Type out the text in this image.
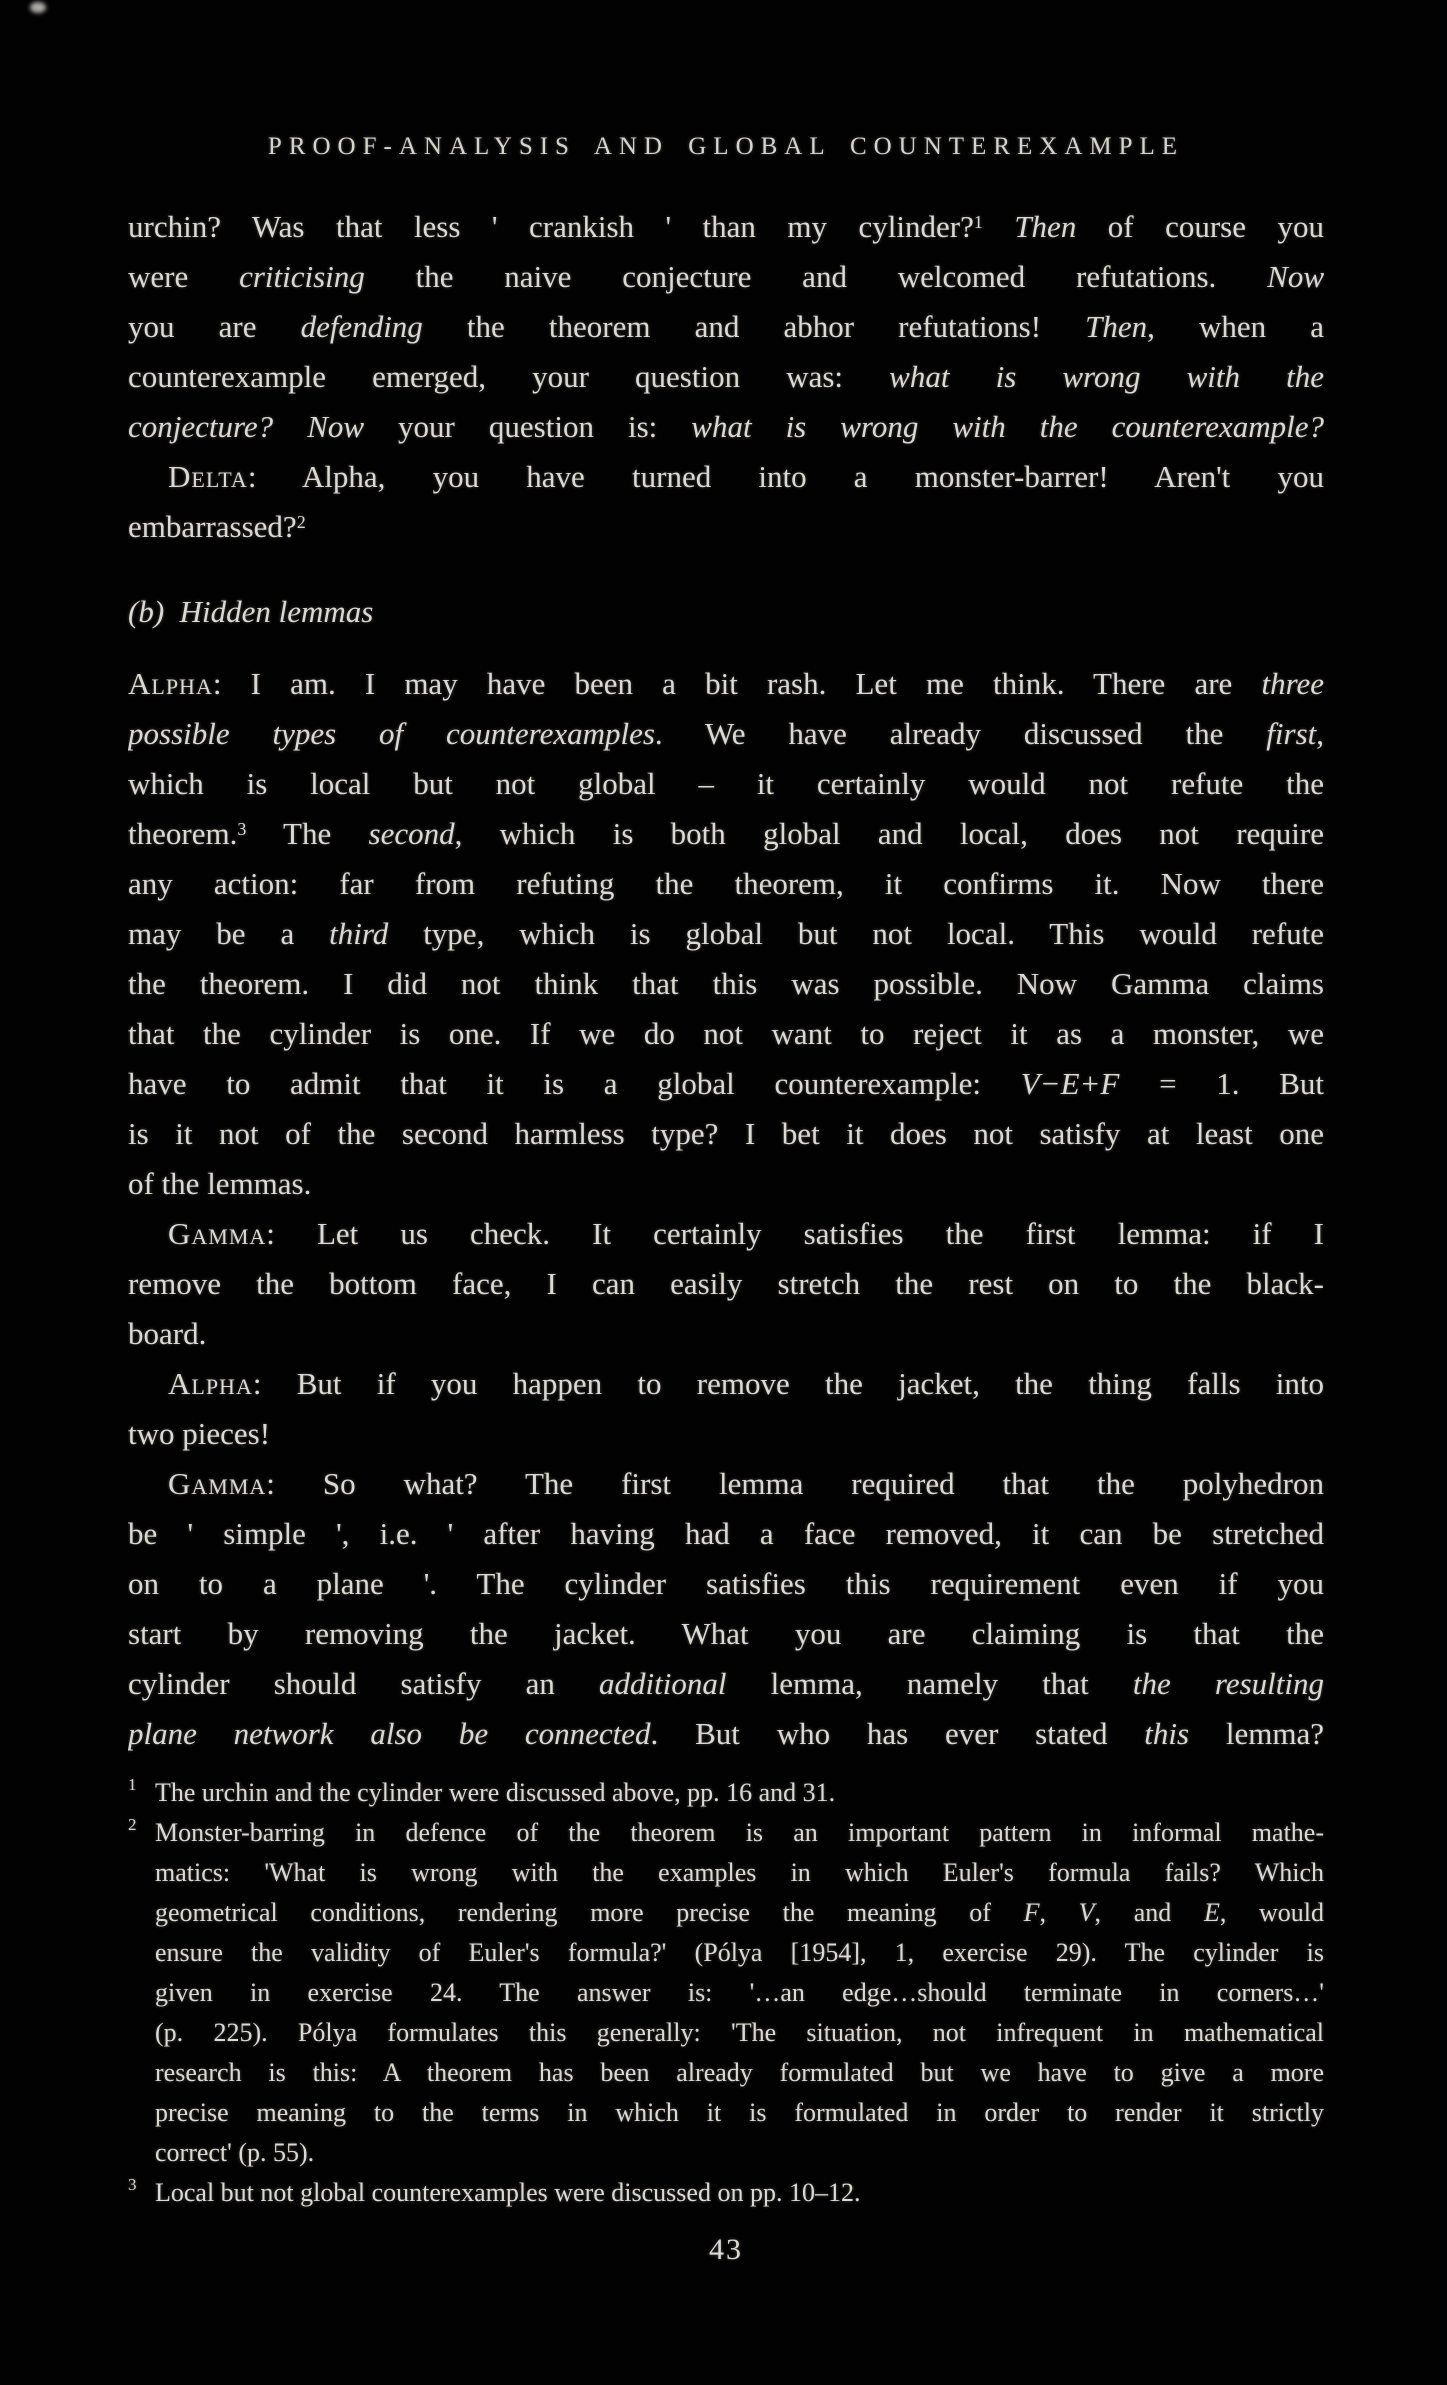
PROOF-ANALYSIS AND GLOBAL COUNTEREXAMPLE
urchin? Was that less ' crankish ' than my cylinder?$^1$ Then of course you
were criticising the naive conjecture and welcomed refutations. Now
you are defending the theorem and abhor refutations! Then, when a
counterexample emerged, your question was: what is wrong with the
conjecture? Now your question is: what is wrong with the counterexample?
Delta: Alpha, you have turned into a monster-barrer! Aren't you
embarrassed?$^2$
(b)  Hidden lemmas
Alpha: I am. I may have been a bit rash. Let me think. There are three
possible types of counterexamples. We have already discussed the first,
which is local but not global – it certainly would not refute the
theorem.$^3$ The second, which is both global and local, does not require
any action: far from refuting the theorem, it confirms it. Now there
may be a third type, which is global but not local. This would refute
the theorem. I did not think that this was possible. Now Gamma claims
that the cylinder is one. If we do not want to reject it as a monster, we
have to admit that it is a global counterexample: V−E+F = 1. But
is it not of the second harmless type? I bet it does not satisfy at least one
of the lemmas.
Gamma: Let us check. It certainly satisfies the first lemma: if I
remove the bottom face, I can easily stretch the rest on to the black-
board.
Alpha: But if you happen to remove the jacket, the thing falls into
two pieces!
Gamma: So what? The first lemma required that the polyhedron
be ' simple ', i.e. ' after having had a face removed, it can be stretched
on to a plane '. The cylinder satisfies this requirement even if you
start by removing the jacket. What you are claiming is that the
cylinder should satisfy an additional lemma, namely that the resulting
plane network also be connected. But who has ever stated this lemma?
1 The urchin and the cylinder were discussed above, pp. 16 and 31.
2 Monster-barring in defence of the theorem is an important pattern in informal mathe-
matics: 'What is wrong with the examples in which Euler's formula fails? Which
geometrical conditions, rendering more precise the meaning of F, V, and E, would
ensure the validity of Euler's formula?' (Pólya [1954], 1, exercise 29). The cylinder is
given in exercise 24. The answer is: '…an edge…should terminate in corners…'
(p. 225). Pólya formulates this generally: 'The situation, not infrequent in mathematical
research is this: A theorem has been already formulated but we have to give a more
precise meaning to the terms in which it is formulated in order to render it strictly
correct' (p. 55).
3 Local but not global counterexamples were discussed on pp. 10–12.
43
